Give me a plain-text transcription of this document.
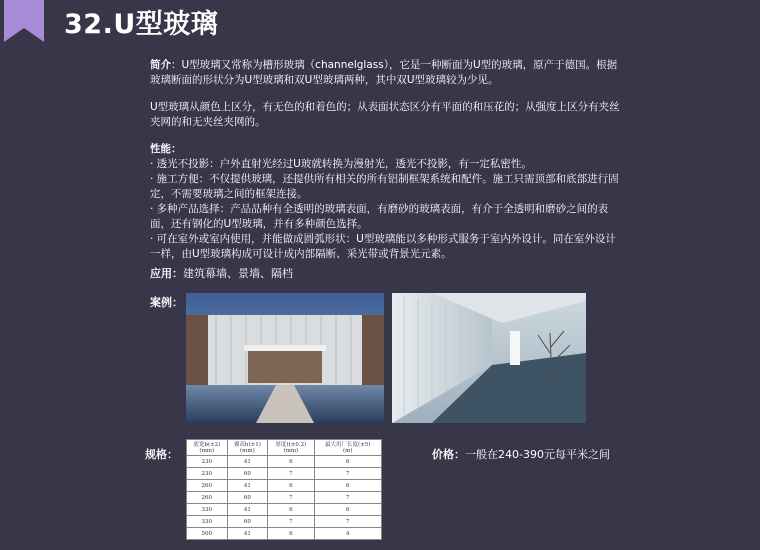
32.U型玻璃

简介：U型玻璃又常称为槽形玻璃（channelglass），它是一种断面为U型的玻璃，原产于德国。根据玻璃断面的形状分为U型玻璃和双U型玻璃两种，其中双U型玻璃较为少见。

U型玻璃从颜色上区分，有无色的和着色的；从表面状态区分有平面的和压花的；从强度上区分有夹丝夹网的和无夹丝夹网的。

性能：

· 透光不投影：户外直射光经过U玻就转换为漫射光，透光不投影，有一定私密性。

· 施工方便：不仅提供玻璃，还提供所有相关的所有铝制框架系统和配件。施工只需顶部和底部进行固定，不需要玻璃之间的框架连接。

· 多种产品选择：产品品种有全透明的玻璃表面，有磨砂的玻璃表面，有介于全透明和磨砂之间的表面，还有钢化的U型玻璃，并有多种颜色选择。

· 可在室外或室内使用，并能做成圆弧形状：U型玻璃能以多种形式服务于室内外设计。同在室外设计一样，由U型玻璃构成可设计成内部隔断、采光带或背景光元素。

应用：建筑幕墙、景墙、隔档
案例：
规格：
底宽b(±2)
(mm)	翼高h(±1)
(mm)	厚度t(±0.2)
(mm)	最大用厂长度(±5)
(m)
230	41	6	6
230	60	7	7
260	41	6	6
260	60	7	7
330	41	6	6
330	60	7	7
500	41	6	4
价格：一般在240-390元每平米之间
